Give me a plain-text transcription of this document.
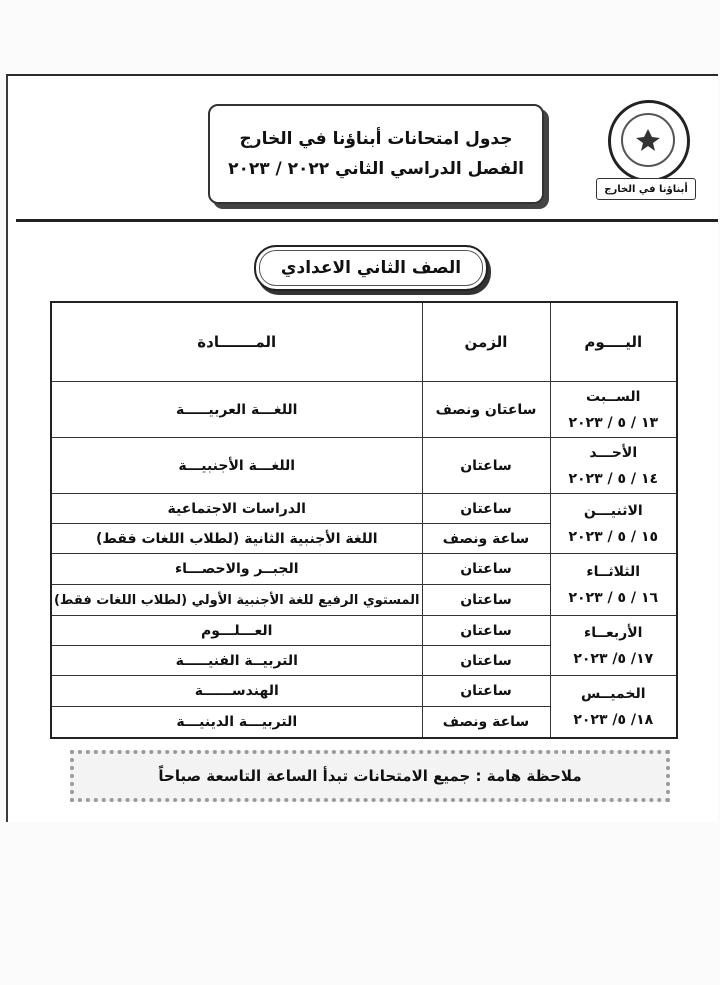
أبناؤنا في الخارج
جدول امتحانات أبناؤنا في الخارج
الفصل الدراسي الثاني ٢٠٢٢ / ٢٠٢٣
الصف الثاني الاعدادي
اليــــوم	الزمن	المـــــــادة

الســبت
١٣ / ٥ / ٢٠٢٣	ساعتان ونصف	اللغـــة العربيـــــة

الأحـــد
١٤ / ٥ / ٢٠٢٣	ساعتان	اللغـــة الأجنبيـــة

الاثنيـــن
١٥ / ٥ / ٢٠٢٣	ساعتان	الدراسات الاجتماعية
	ساعة ونصف	اللغة الأجنبية الثانية (لطلاب اللغات فقط)

الثلاثــاء
١٦ / ٥ / ٢٠٢٣	ساعتان	الجبــر والاحصـــاء
	ساعتان	المستوي الرفيع للغة الأجنبية الأولي (لطلاب اللغات فقط)

الأربعــاء
١٧/ ٥/ ٢٠٢٣	ساعتان	العـــلـــوم
	ساعتان	التربيــة الفنيـــــة

الخميــس
١٨/ ٥/ ٢٠٢٣	ساعتان	الهندســــــة
	ساعة ونصف	التربيـــة الدينيـــة
ملاحظة هامة : جميع الامتحانات تبدأ الساعة التاسعة صباحاً
